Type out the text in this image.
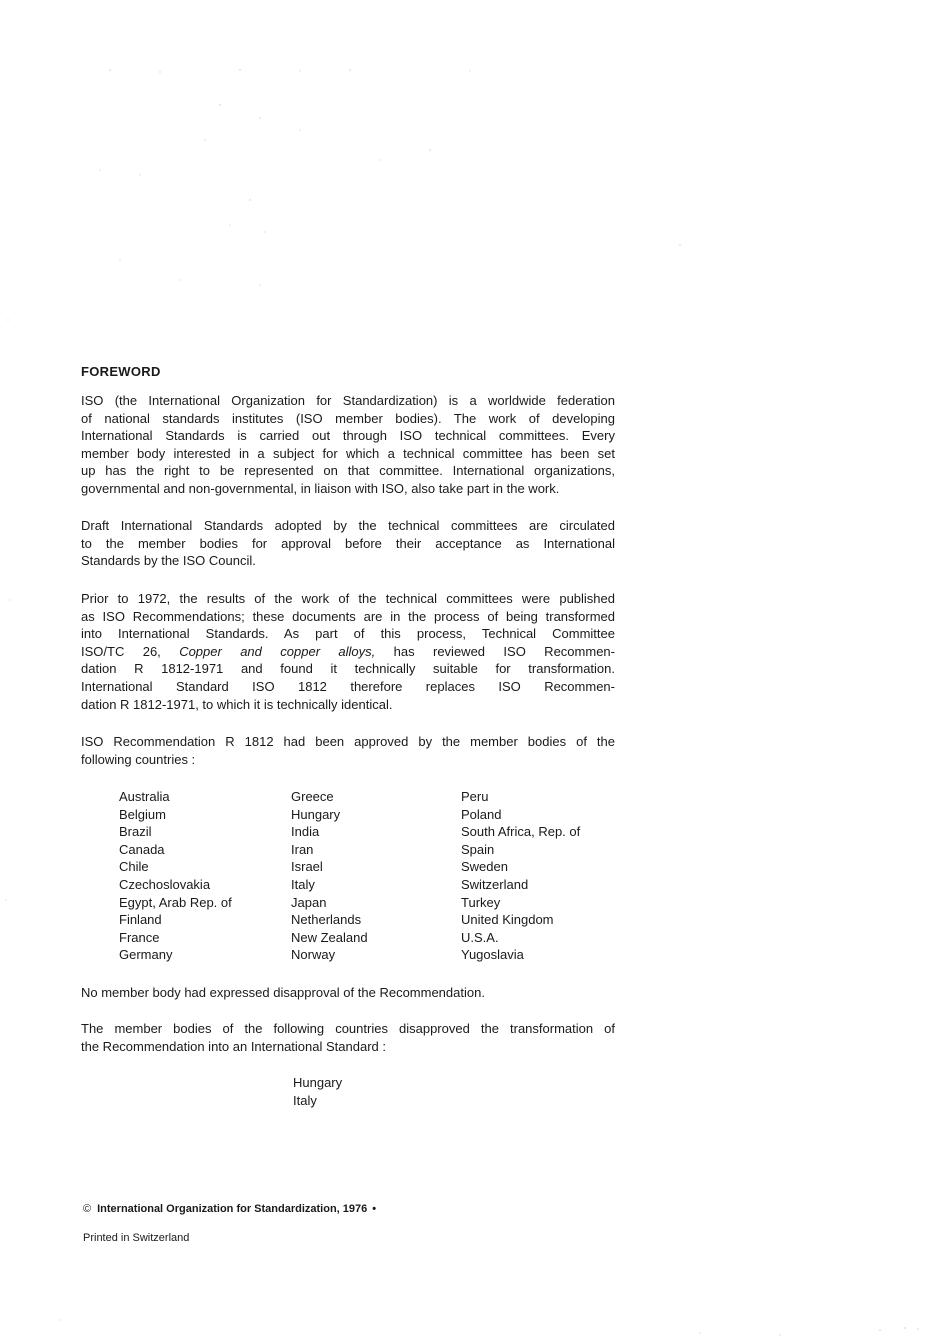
FOREWORD
ISO (the International Organization for Standardization) is a worldwide federation
of national standards institutes (ISO member bodies). The work of developing
International Standards is carried out through ISO technical committees. Every
member body interested in a subject for which a technical committee has been set
up has the right to be represented on that committee. International organizations,
governmental and non-governmental, in liaison with ISO, also take part in the work.
Draft International Standards adopted by the technical committees are circulated
to the member bodies for approval before their acceptance as International
Standards by the ISO Council.
Prior to 1972, the results of the work of the technical committees were published
as ISO Recommendations; these documents are in the process of being transformed
into International Standards. As part of this process, Technical Committee
ISO/TC 26, Copper and copper alloys, has reviewed ISO Recommen-
dation R 1812-1971 and found it technically suitable for transformation.
International Standard ISO 1812 therefore replaces ISO Recommen-
dation R 1812-1971, to which it is technically identical.
ISO Recommendation R 1812 had been approved by the member bodies of the
following countries :
Australia
Belgium
Brazil
Canada
Chile
Czechoslovakia
Egypt, Arab Rep. of
Finland
France
Germany
Greece
Hungary
India
Iran
Israel
Italy
Japan
Netherlands
New Zealand
Norway
Peru
Poland
South Africa, Rep. of
Spain
Sweden
Switzerland
Turkey
United Kingdom
U.S.A.
Yugoslavia
No member body had expressed disapproval of the Recommendation.
The member bodies of the following countries disapproved the transformation of
the Recommendation into an International Standard :
Hungary
Italy
© International Organization for Standardization, 1976 •
Printed in Switzerland
